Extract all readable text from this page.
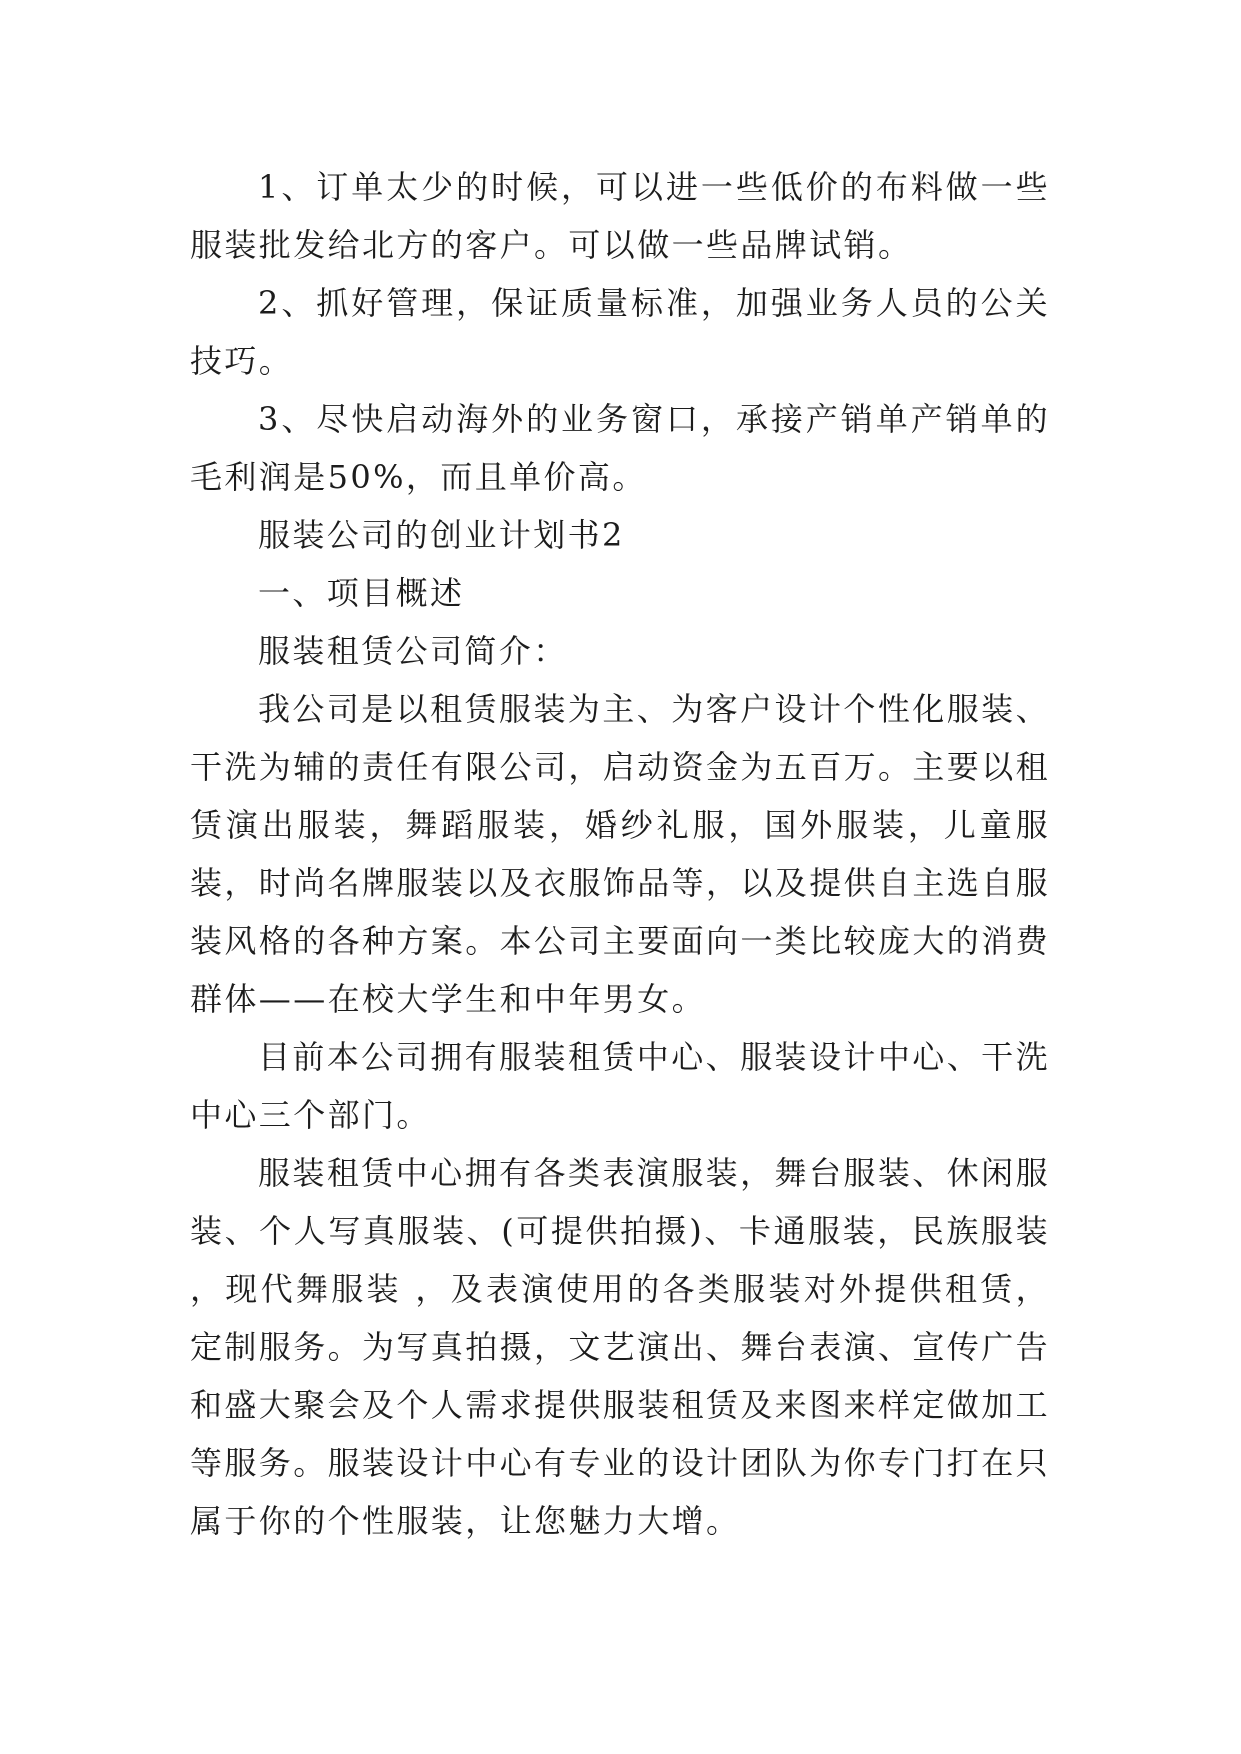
1、订单太少的时候，可以进一些低价的布料做一些服装批发给北方的客户。可以做一些品牌试销。

2、抓好管理，保证质量标准，加强业务人员的公关技巧。

3、尽快启动海外的业务窗口，承接产销单产销单的毛利润是50%，而且单价高。

服装公司的创业计划书2

一、项目概述

服装租赁公司简介：

我公司是以租赁服装为主、为客户设计个性化服装、干洗为辅的责任有限公司，启动资金为五百万。主要以租赁演出服装，舞蹈服装，婚纱礼服，国外服装，儿童服装，时尚名牌服装以及衣服饰品等，以及提供自主选自服装风格的各种方案。本公司主要面向一类比较庞大的消费群体——在校大学生和中年男女。

目前本公司拥有服装租赁中心、服装设计中心、干洗中心三个部门。

服装租赁中心拥有各类表演服装，舞台服装、休闲服装、个人写真服装、(可提供拍摄)、卡通服装，民族服装 ，现代舞服装 ，及表演使用的各类服装对外提供租赁，定制服务。为写真拍摄，文艺演出、舞台表演、宣传广告和盛大聚会及个人需求提供服装租赁及来图来样定做加工等服务。服装设计中心有专业的设计团队为你专门打在只属于你的个性服装，让您魅力大增。
